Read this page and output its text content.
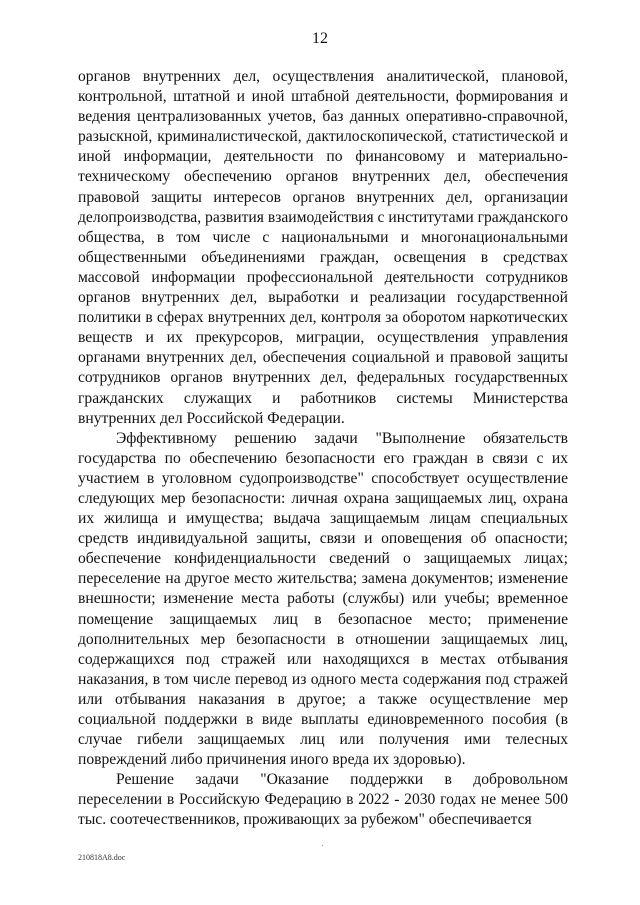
12

органов внутренних дел, осуществления аналитической, плановой, контрольной, штатной и иной штабной деятельности, формирования и ведения централизованных учетов, баз данных оперативно-справочной, разыскной, криминалистической, дактилоскопической, статистической и иной информации, деятельности по финансовому и материально-техническому обеспечению органов внутренних дел, обеспечения правовой защиты интересов органов внутренних дел, организации делопроизводства, развития взаимодействия с институтами гражданского общества, в том числе с национальными и многонациональными общественными объединениями граждан, освещения в средствах массовой информации профессиональной деятельности сотрудников органов внутренних дел, выработки и реализации государственной политики в сферах внутренних дел, контроля за оборотом наркотических веществ и их прекурсоров, миграции, осуществления управления органами внутренних дел, обеспечения социальной и правовой защиты сотрудников органов внутренних дел, федеральных государственных гражданских служащих и работников системы Министерства внутренних дел Российской Федерации.

Эффективному решению задачи "Выполнение обязательств государства по обеспечению безопасности его граждан в связи с их участием в уголовном судопроизводстве" способствует осуществление следующих мер безопасности: личная охрана защищаемых лиц, охрана их жилища и имущества; выдача защищаемым лицам специальных средств индивидуальной защиты, связи и оповещения об опасности; обеспечение конфиденциальности сведений о защищаемых лицах; переселение на другое место жительства; замена документов; изменение внешности; изменение места работы (службы) или учебы; временное помещение защищаемых лиц в безопасное место; применение дополнительных мер безопасности в отношении защищаемых лиц, содержащихся под стражей или находящихся в местах отбывания наказания, в том числе перевод из одного места содержания под стражей или отбывания наказания в другое; а также осуществление мер социальной поддержки в виде выплаты единовременного пособия (в случае гибели защищаемых лиц или получения ими телесных повреждений либо причинения иного вреда их здоровью).

Решение задачи "Оказание поддержки в добровольном переселении в Российскую Федерацию в 2022 - 2030 годах не менее 500 тыс. соотечественников, проживающих за рубежом" обеспечивается

210818A8.doc
